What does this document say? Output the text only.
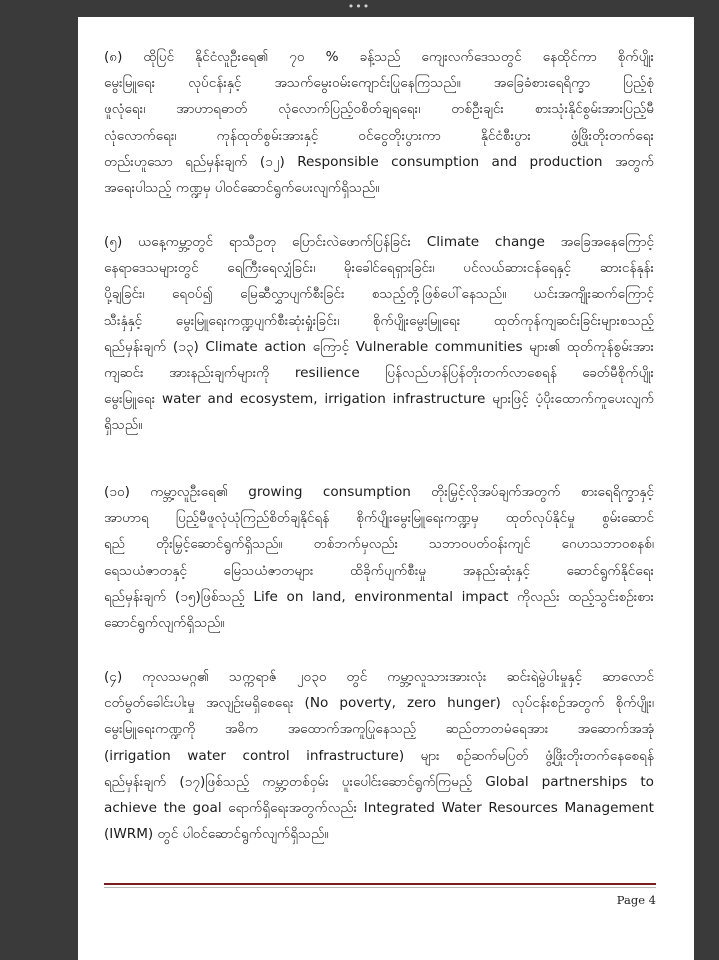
•••
(၈) ထိုပြင် နိုင်ငံလူဦးရေ၏ ၇၀ % ခန့်သည် ကျေးလက်ဒေသတွင် နေထိုင်ကာ စိုက်ပျိုး
မွေးမြူရေး လုပ်ငန်းနှင့် အသက်မွေးဝမ်းကျောင်းပြုနေကြသည်။ အခြေခံစားရေရိက္ခာ ပြည့်စုံ
ဖူလုံရေး၊ အာဟာရဓာတ် လုံလောက်ပြည့်ဝစိတ်ချရရေး၊ တစ်ဦးချင်း စားသုံးနိုင်စွမ်းအားပြည့်မီ
လုံလောက်ရေး၊ ကုန်ထုတ်စွမ်းအားနှင့် ဝင်ငွေတိုးပွားကာ နိုင်ငံစီးပွား ဖွံ့ဖြိုးတိုးတက်ရေး
တည်းဟူသော ရည်မှန်းချက် (၁၂) Responsible consumption and production အတွက်
အရေးပါသည့် ကဏ္ဍမှ ပါဝင်ဆောင်ရွက်ပေးလျက်ရှိသည်။
(၅) ယနေ့ကမ္ဘာ့တွင် ရာသီဥတု ပြောင်းလဲဖောက်ပြန်ခြင်း Climate change အခြေအနေကြောင့်
နေရာဒေသများတွင် ရေကြီးရေလျှံခြင်း၊ မိုးခေါင်ရေရှားခြင်း၊ ပင်လယ်ဆားငန်ရေနှင့် ဆားငန်နုန်း
ပို့ချခြင်း၊ ရေဝပ်၍ မြေဆီလွှာပျက်စီးခြင်း စသည့်တို့ဖြစ်ပေါ်နေသည်။ ယင်းအကျိုးဆက်ကြောင့်
သီးနှံနှင့် မွေးမြူရေးကဏ္ဍပျက်စီးဆုံးရှုံးခြင်း၊ စိုက်ပျိုးမွေးမြူရေး ထုတ်ကုန်ကျဆင်းခြင်းများစသည့်
ရည်မှန်းချက် (၁၃) Climate action ကြောင့် Vulnerable communities များ၏ ထုတ်ကုန်စွမ်းအား
ကျဆင်း အားနည်းချက်များကို resilience ပြန်လည်ဟန်ပြန်တိုးတက်လာစေရန် ခေတ်မီစိုက်ပျိုး
မွေးမြူရေး water and ecosystem, irrigation infrastructure များဖြင့် ပံ့ပိုးထောက်ကူပေးလျက်
ရှိသည်။
(၁၀) ကမ္ဘာ့လူဦးရေ၏ growing consumption တိုးမြှင့်လိုအပ်ချက်အတွက် စားရေရိက္ခာနှင့်
အာဟာရ ပြည့်မီဖူလုံယုံကြည်စိတ်ချနိုင်ရန် စိုက်ပျိုးမွေးမြူရေးကဏ္ဍမှ ထုတ်လုပ်နိုင်မှု စွမ်းဆောင်
ရည် တိုးမြှင့်ဆောင်ရွက်ရှိသည်။ တစ်ဘက်မှလည်း သဘာဝပတ်ဝန်းကျင် ဂေဟသဘာဝစနစ်၊
ရေသယံဇာတနှင့် မြေသယံဇာတများ ထိခိုက်ပျက်စီးမှု အနည်းဆုံးနှင့် ဆောင်ရွက်နိုင်ရေး
ရည်မှန်းချက် (၁၅)ဖြစ်သည့် Life on land, environmental impact ကိုလည်း ထည့်သွင်းစဉ်းစား
ဆောင်ရွက်လျက်ရှိသည်။
(၄) ကုလသမဂ္ဂ၏ သက္ကရာဇ် ၂၀၃၀ တွင် ကမ္ဘာ့လူသားအားလုံး ဆင်းရဲမွဲပါးမှုနှင့် ဆာလောင်
ငတ်မွတ်ခေါင်းပါးမှု အလျဉ်းမရှိစေရေး (No poverty, zero hunger) လုပ်ငန်းစဉ်အတွက် စိုက်ပျိုး၊
မွေးမြူရေးကဏ္ဍကို အဓိက အထောက်အကူပြုနေသည့် ဆည်တာတမံရေအား အဆောက်အအုံ
(irrigation water control infrastructure) များ စဉ်ဆက်မပြတ် ဖွံ့ဖြိုးတိုးတက်နေစေရန်
ရည်မှန်းချက် (၁၇)ဖြစ်သည့် ကမ္ဘာ့တစ်ဝှမ်း ပူးပေါင်းဆောင်ရွက်ကြမည့် Global partnerships to
achieve the goal ရောက်ရှိရေးအတွက်လည်း Integrated Water Resources Management
(IWRM) တွင် ပါဝင်ဆောင်ရွက်လျက်ရှိသည်။
Page 4
